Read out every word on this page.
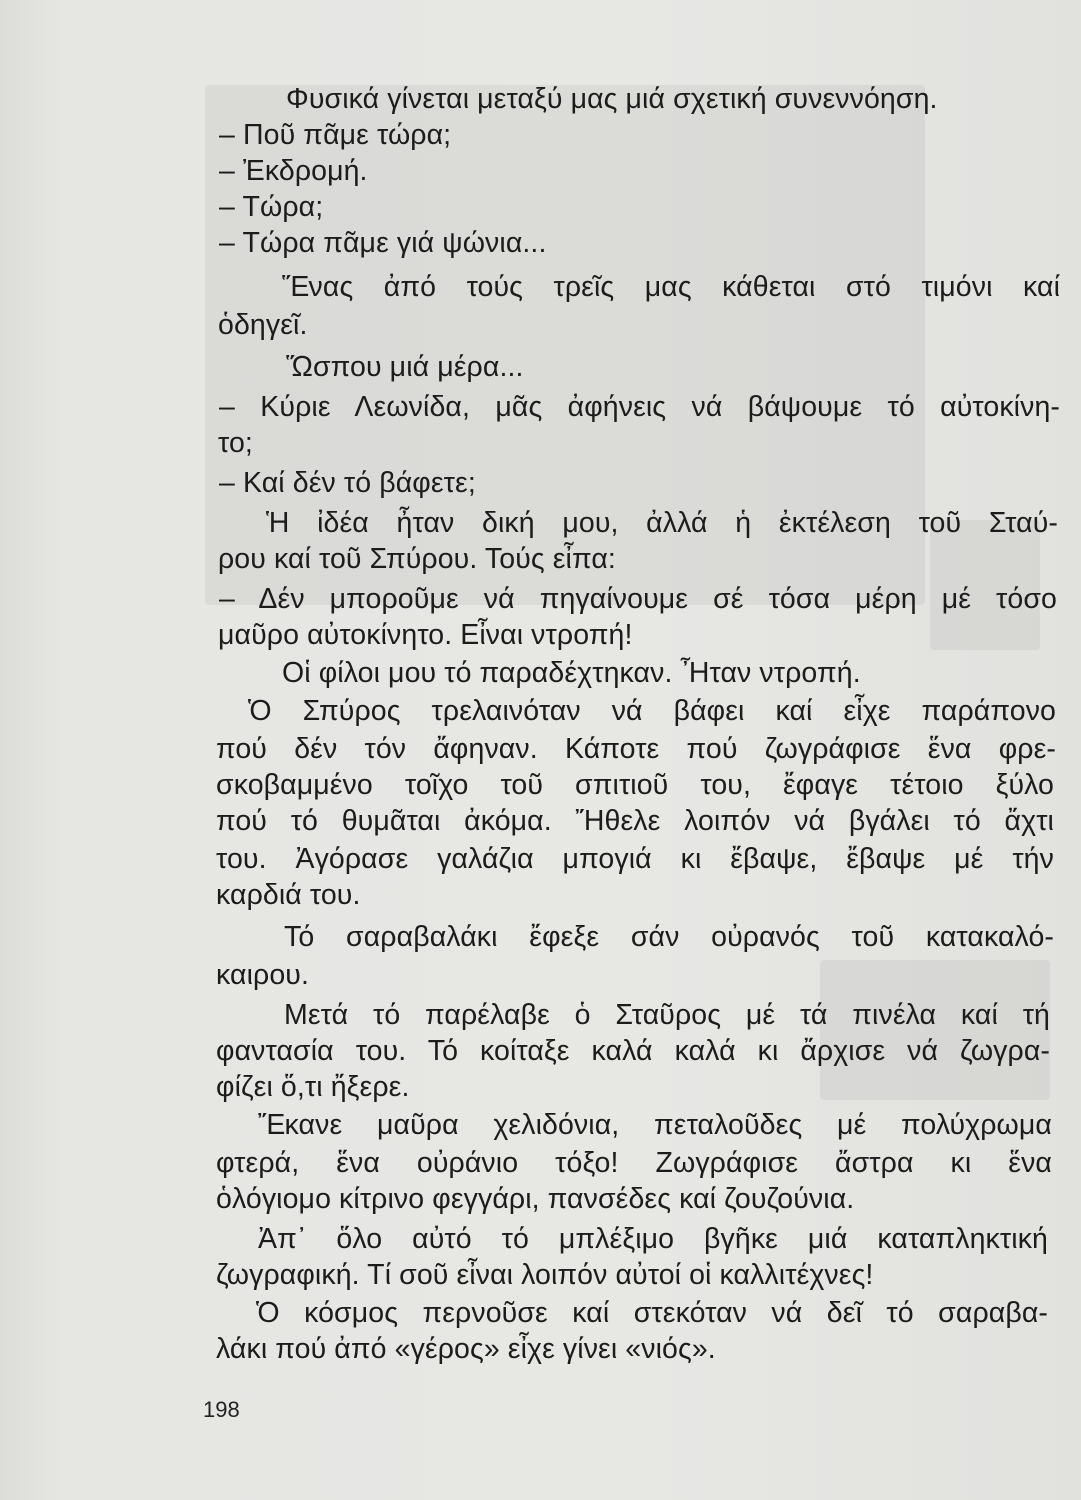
Φυσικά γίνεται μεταξύ μας μιά σχετική συνεννόηση.
– Ποῦ πᾶμε τώρα;
– Ἐκδρομή.
– Τώρα;
– Τώρα πᾶμε γιά ψώνια...
Ἕνας ἀπό τούς τρεῖς μας κάθεται στό τιμόνι καί
ὁδηγεῖ.
Ὥσπου μιά μέρα...
– Κύριε Λεωνίδα, μᾶς ἀφήνεις νά βάψουμε τό αὐτοκίνη-
το;
– Καί δέν τό βάφετε;
Ἡ ἰδέα ἦταν δική μου, ἀλλά ἡ ἐκτέλεση τοῦ Σταύ-
ρου καί τοῦ Σπύρου. Τούς εἶπα:
– Δέν μποροῦμε νά πηγαίνουμε σέ τόσα μέρη μέ τόσο
μαῦρο αὐτοκίνητο. Εἶναι ντροπή!
Οἱ φίλοι μου τό παραδέχτηκαν. Ἦταν ντροπή.
Ὁ Σπύρος τρελαινόταν νά βάφει καί εἶχε παράπονο
πού δέν τόν ἄφηναν. Κάποτε πού ζωγράφισε ἕνα φρε-
σκοβαμμένο τοῖχο τοῦ σπιτιοῦ του, ἔφαγε τέτοιο ξύλο
πού τό θυμᾶται ἀκόμα. Ἤθελε λοιπόν νά βγάλει τό ἄχτι
του. Ἀγόρασε γαλάζια μπογιά κι ἔβαψε, ἔβαψε μέ τήν
καρδιά του.
Τό σαραβαλάκι ἔφεξε σάν οὐρανός τοῦ κατακαλό-
καιρου.
Μετά τό παρέλαβε ὁ Σταῦρος μέ τά πινέλα καί τή
φαντασία του. Τό κοίταξε καλά καλά κι ἄρχισε νά ζωγρα-
φίζει ὅ,τι ἤξερε.
Ἔκανε μαῦρα χελιδόνια, πεταλοῦδες μέ πολύχρωμα
φτερά, ἕνα οὐράνιο τόξο! Ζωγράφισε ἄστρα κι ἕνα
ὁλόγιομο κίτρινο φεγγάρι, πανσέδες καί ζουζούνια.
Ἀπ᾿ ὅλο αὐτό τό μπλέξιμο βγῆκε μιά καταπληκτική
ζωγραφική. Τί σοῦ εἶναι λοιπόν αὐτοί οἱ καλλιτέχνες!
Ὁ κόσμος περνοῦσε καί στεκόταν νά δεῖ τό σαραβα-
λάκι πού ἀπό «γέρος» εἶχε γίνει «νιός».
198
